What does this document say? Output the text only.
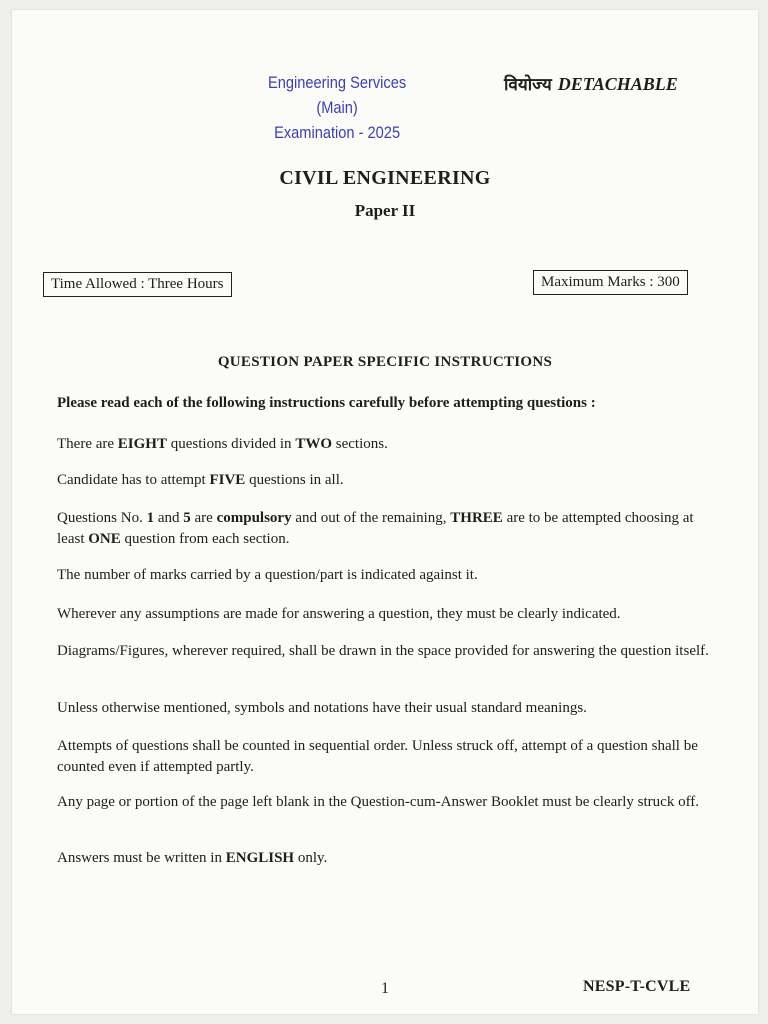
Engineering Services (Main)
Examination - 2025
वियोज्य DETACHABLE
CIVIL ENGINEERING
Paper II
Time Allowed : Three Hours	Maximum Marks : 300
QUESTION PAPER SPECIFIC INSTRUCTIONS
Please read each of the following instructions carefully before attempting questions :
There are EIGHT questions divided in TWO sections.
Candidate has to attempt FIVE questions in all.
Questions No. 1 and 5 are compulsory and out of the remaining, THREE are to be attempted choosing at least ONE question from each section.
The number of marks carried by a question/part is indicated against it.
Wherever any assumptions are made for answering a question, they must be clearly indicated.
Diagrams/Figures, wherever required, shall be drawn in the space provided for answering the question itself.
Unless otherwise mentioned, symbols and notations have their usual standard meanings.
Attempts of questions shall be counted in sequential order. Unless struck off, attempt of a question shall be counted even if attempted partly.
Any page or portion of the page left blank in the Question-cum-Answer Booklet must be clearly struck off.
Answers must be written in ENGLISH only.
1	NESP-T-CVLE
